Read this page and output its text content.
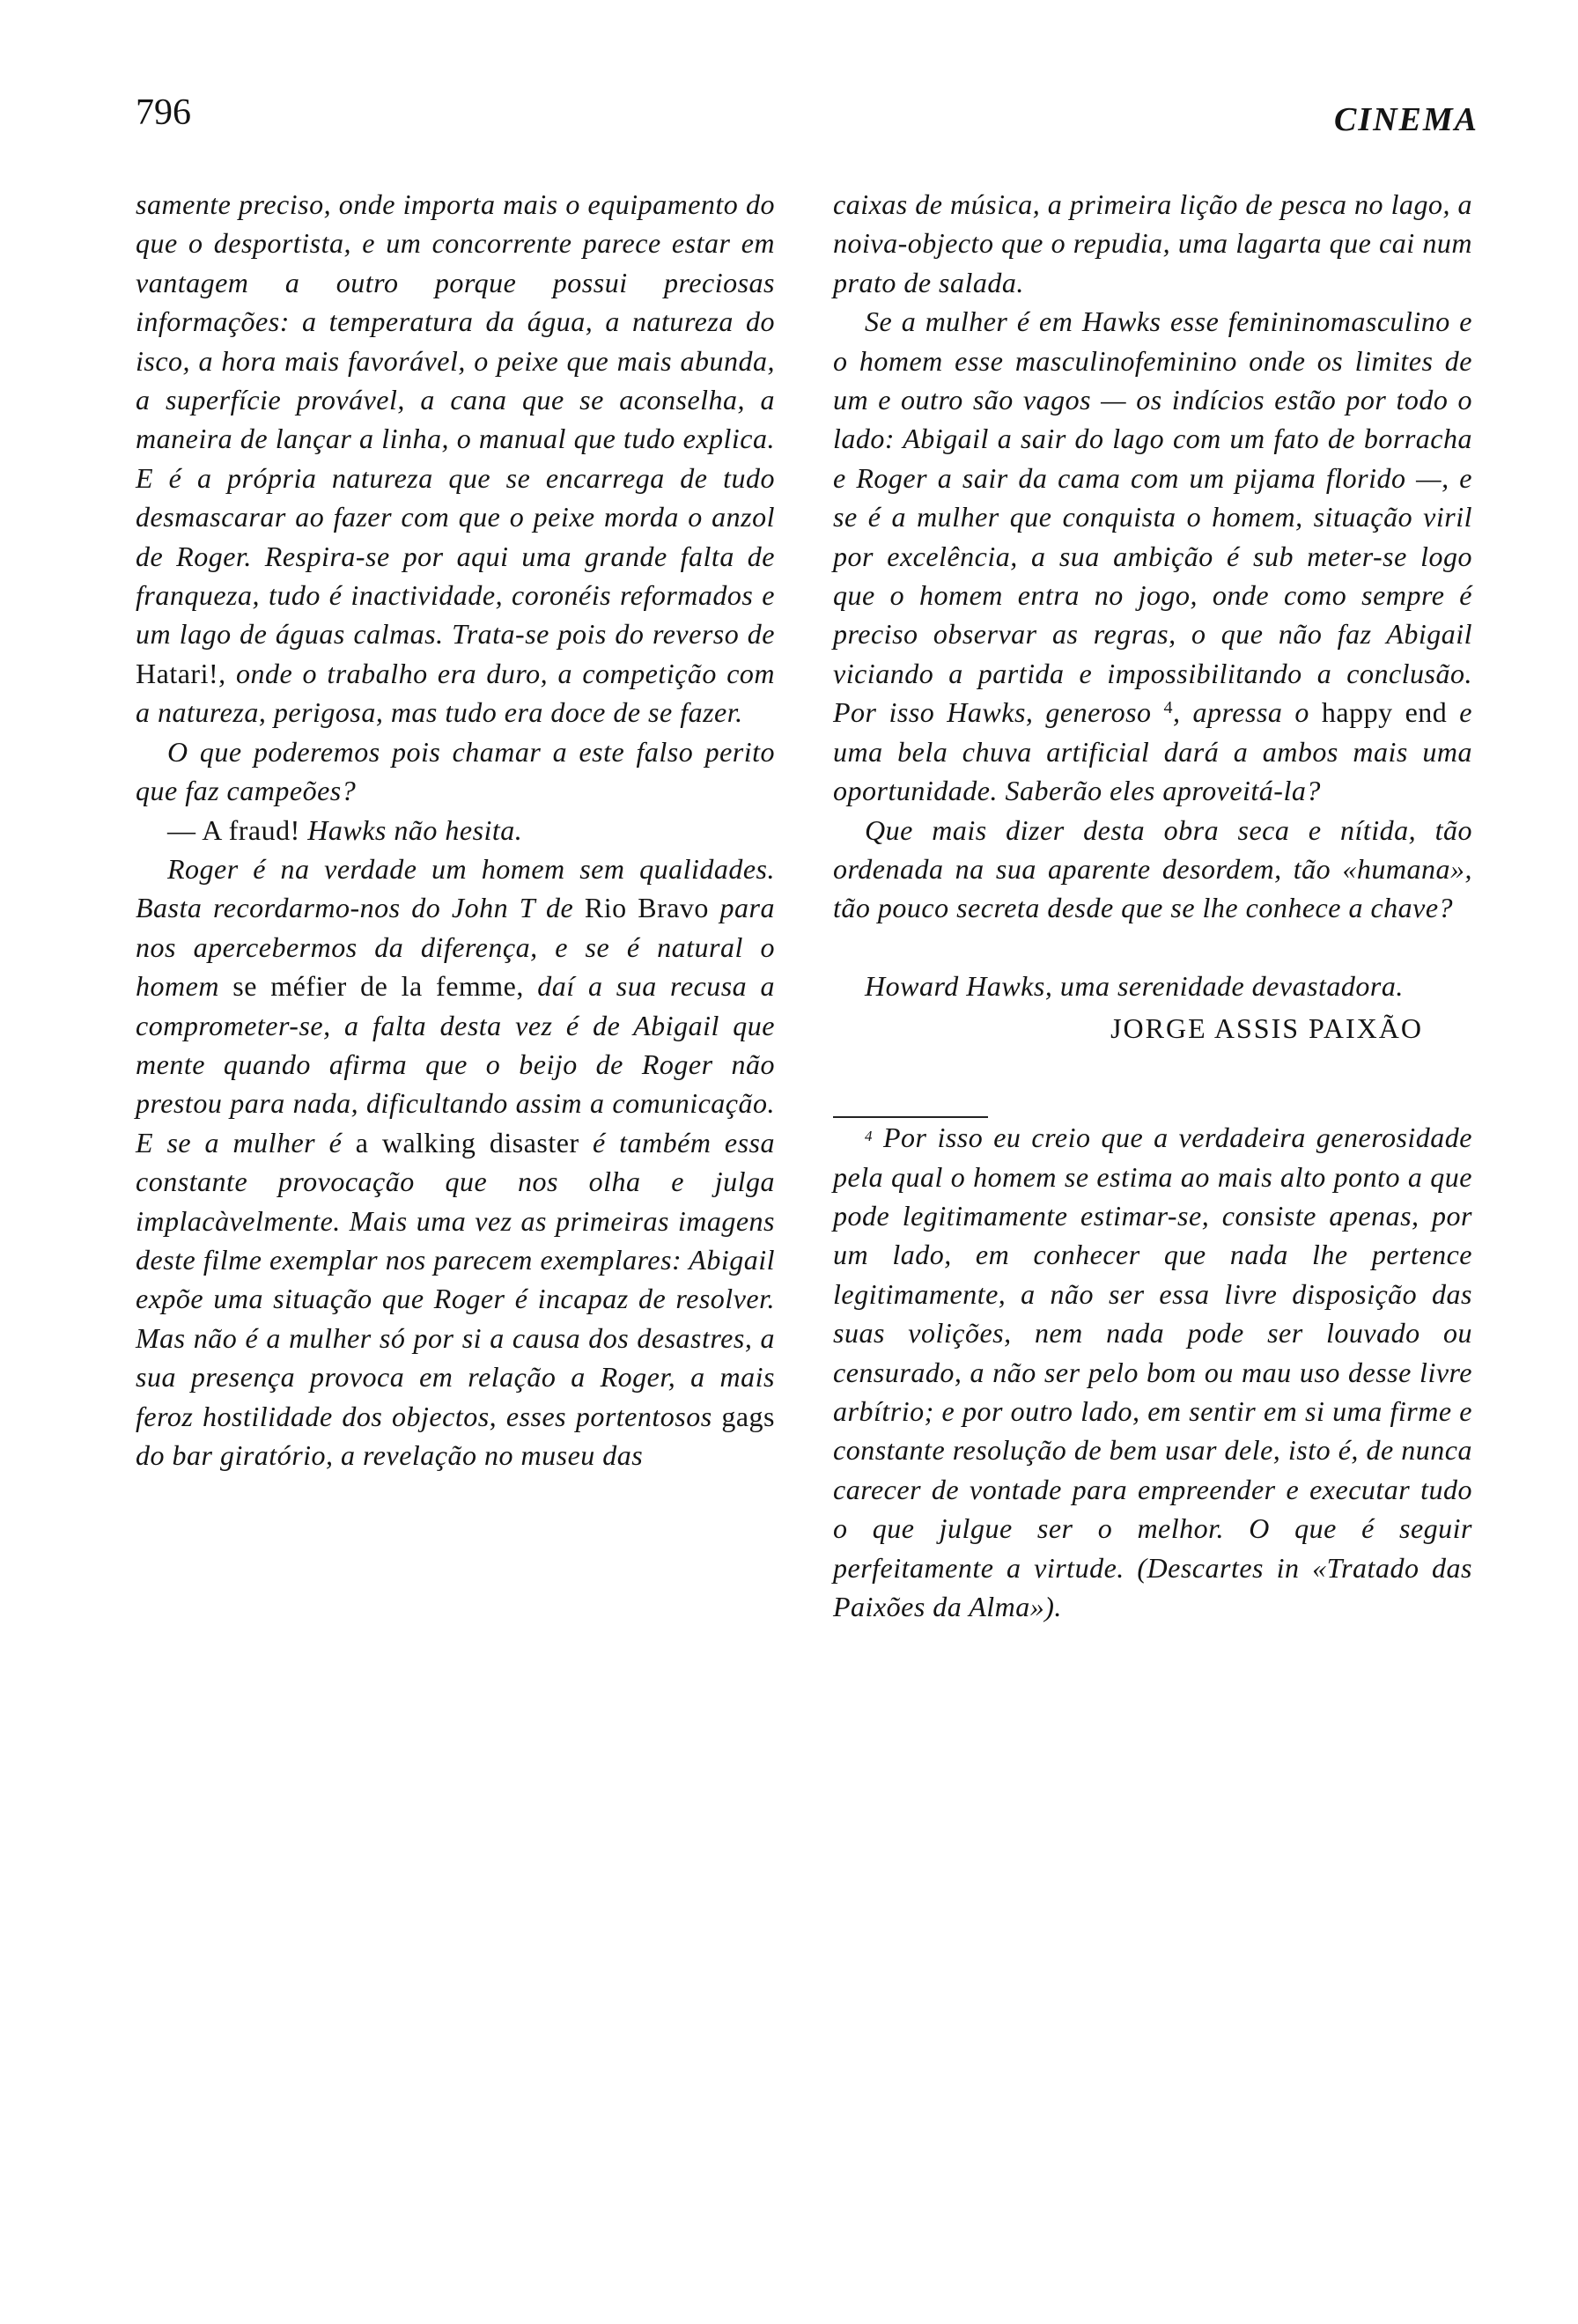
796	CINEMA

samente preciso, onde importa mais o equipamento do que o desportista, e um concorrente parece estar em vantagem a outro porque possui preciosas informações: a temperatura da água, a natureza do isco, a hora mais favorável, o peixe que mais abunda, a superfície provável, a cana que se aconselha, a maneira de lançar a linha, o manual que tudo explica. E é a própria natureza que se encarrega de tudo desmascarar ao fazer com que o peixe morda o anzol de Roger. Respira-se por aqui uma grande falta de franqueza, tudo é inactividade, coronéis reformados e um lago de águas calmas. Trata-se pois do reverso de Hatari!, onde o trabalho era duro, a competição com a natureza, perigosa, mas tudo era doce de se fazer.

O que poderemos pois chamar a este falso perito que faz campeões?

— A fraud! Hawks não hesita.

Roger é na verdade um homem sem qualidades. Basta recordarmo-nos do John T de Rio Bravo para nos apercebermos da diferença, e se é natural o homem se méfier de la femme, daí a sua recusa a comprometer-se, a falta desta vez é de Abigail que mente quando afirma que o beijo de Roger não prestou para nada, dificultando assim a comunicação. E se a mulher é a walking disaster é também essa constante provocação que nos olha e julga implacàvelmente. Mais uma vez as primeiras imagens deste filme exemplar nos parecem exemplares: Abigail expõe uma situação que Roger é incapaz de resolver. Mas não é a mulher só por si a causa dos desastres, a sua presença provoca em relação a Roger, a mais feroz hostilidade dos objectos, esses portentosos gags do bar giratório, a revelação no museu das

caixas de música, a primeira lição de pesca no lago, a noiva-objecto que o repudia, uma lagarta que cai num prato de salada.

Se a mulher é em Hawks esse femininomasculino e o homem esse masculinofeminino onde os limites de um e outro são vagos — os indícios estão por todo o lado: Abigail a sair do lago com um fato de borracha e Roger a sair da cama com um pijama florido —, e se é a mulher que conquista o homem, situação viril por excelência, a sua ambição é sub meter-se logo que o homem entra no jogo, onde como sempre é preciso observar as regras, o que não faz Abigail viciando a partida e impossibilitando a conclusão. Por isso Hawks, generoso $^4$, apressa o happy end e uma bela chuva artificial dará a ambos mais uma oportunidade. Saberão eles aproveitá-la?

Que mais dizer desta obra seca e nítida, tão ordenada na sua aparente desordem, tão «humana», tão pouco secreta desde que se lhe conhece a chave?

Howard Hawks, uma serenidade devastadora.

JORGE ASSIS PAIXÃO

$^4$ Por isso eu creio que a verdadeira generosidade pela qual o homem se estima ao mais alto ponto a que pode legitimamente estimar-se, consiste apenas, por um lado, em conhecer que nada lhe pertence legitimamente, a não ser essa livre disposição das suas volições, nem nada pode ser louvado ou censurado, a não ser pelo bom ou mau uso desse livre arbítrio; e por outro lado, em sentir em si uma firme e constante resolução de bem usar dele, isto é, de nunca carecer de vontade para empreender e executar tudo o que julgue ser o melhor. O que é seguir perfeitamente a virtude. (Descartes in «Tratado das Paixões da Alma»).
